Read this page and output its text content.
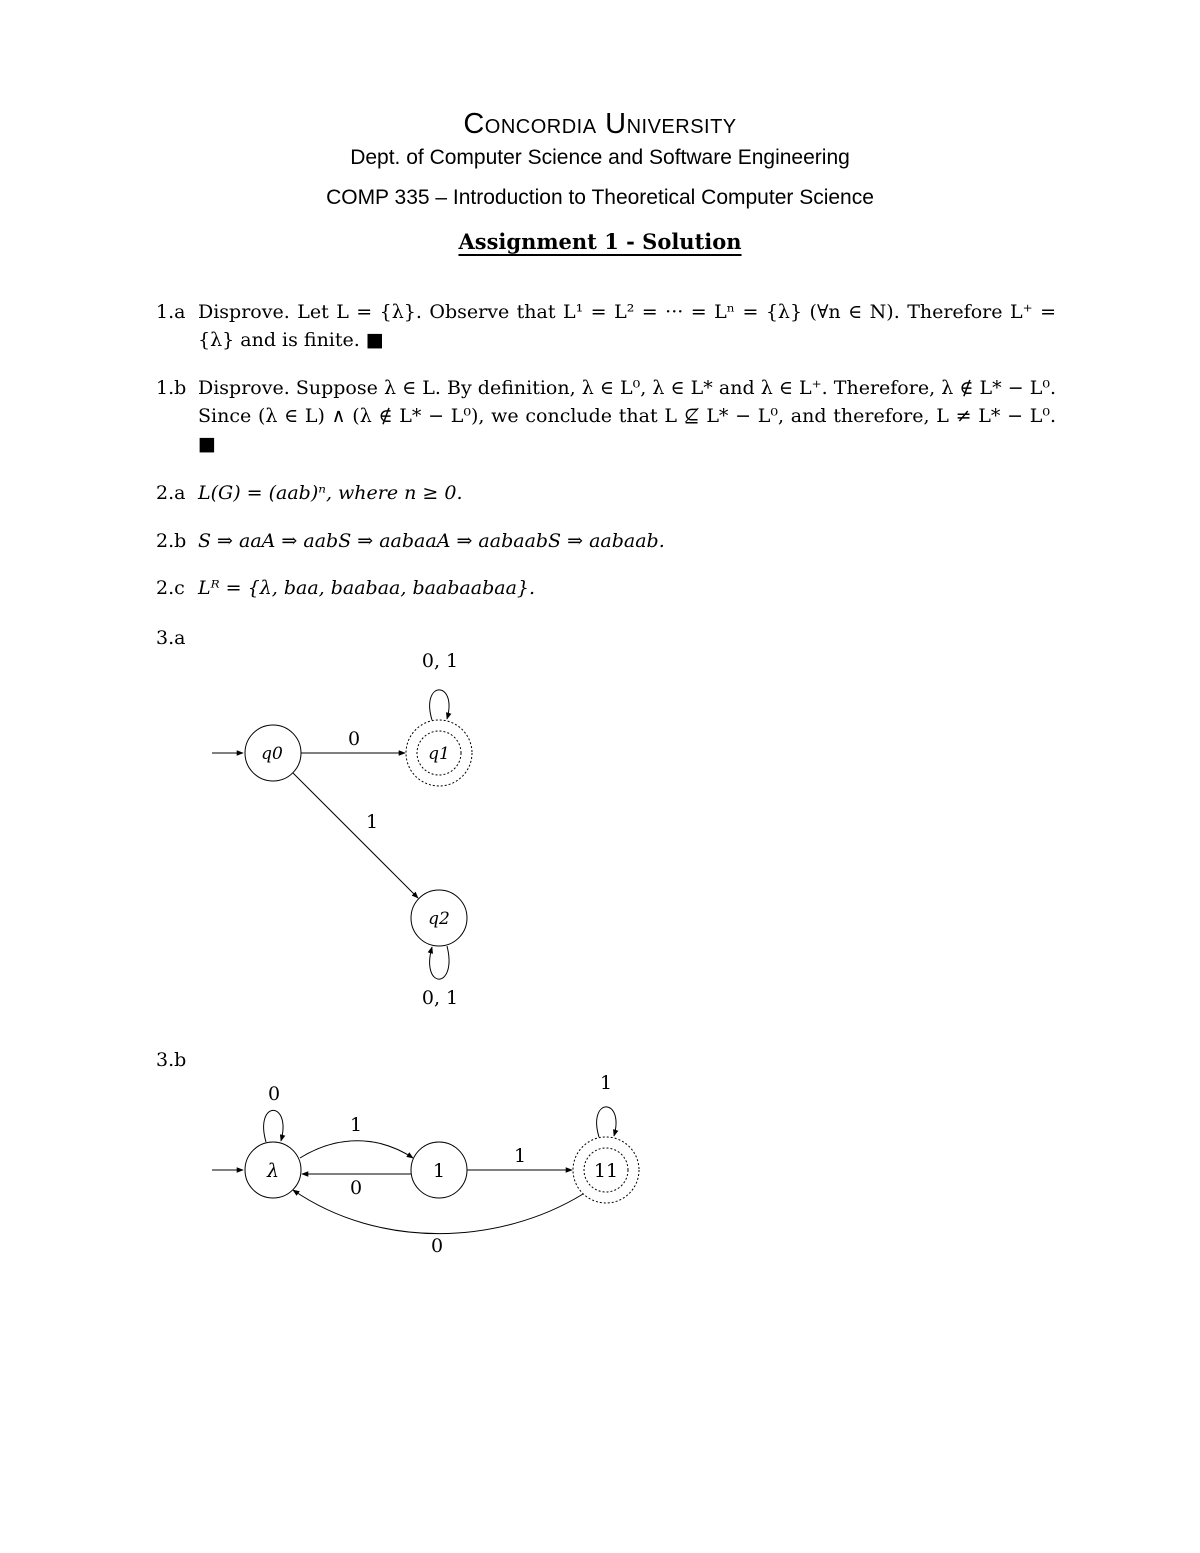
Concordia University
Dept. of Computer Science and Software Engineering
COMP 335 – Introduction to Theoretical Computer Science
Assignment 1 - Solution
1.a Disprove. Let L = {λ}. Observe that L¹ = L² = ··· = Lⁿ = {λ} (∀n ∈ N). Therefore L⁺ = {λ} and is finite. ■
1.b Disprove. Suppose λ ∈ L. By definition, λ ∈ L⁰, λ ∈ L* and λ ∈ L⁺. Therefore, λ ∉ L* − L⁰. Since (λ ∈ L) ∧ (λ ∉ L* − L⁰), we conclude that L ⊈ L* − L⁰, and therefore, L ≠ L* − L⁰. ■
2.a L(G) = (aab)ⁿ, where n ≥ 0.
2.b S ⇒ aaA ⇒ aabS ⇒ aabaaA ⇒ aabaabS ⇒ aabaab.
2.c Lᴿ = {λ, baa, baabaa, baabaabaa}.
3.a
3.b
q0	q1
q2
0
1
0, 1
0, 1
λ	1	11
0
1
0
1
1
0
